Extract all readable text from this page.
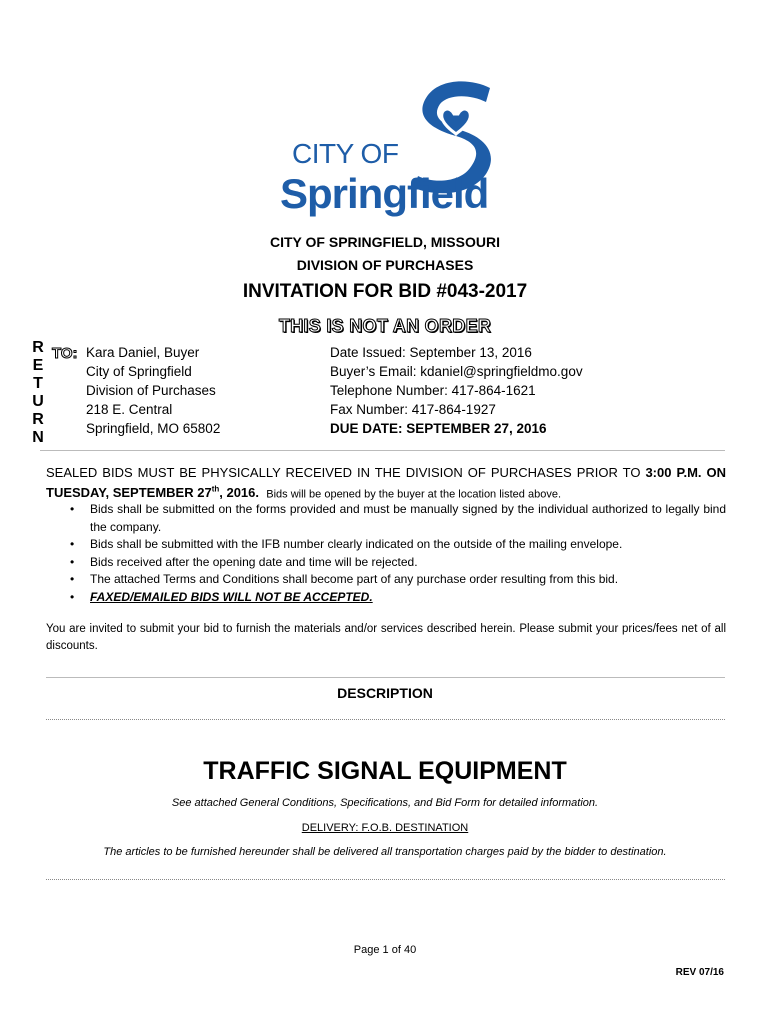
CITY OF
Springfield
CITY OF SPRINGFIELD, MISSOURI
DIVISION OF PURCHASES
INVITATION FOR BID #043-2017
THIS IS NOT AN ORDER
R
E
T
U
R
N
TO: Kara Daniel, Buyer
City of Springfield
Division of Purchases
218 E. Central
Springfield, MO 65802
Date Issued: September 13, 2016
Buyer’s Email: kdaniel@springfieldmo.gov
Telephone Number: 417-864-1621
Fax Number: 417-864-1927
DUE DATE: SEPTEMBER 27, 2016
SEALED BIDS MUST BE PHYSICALLY RECEIVED IN THE DIVISION OF PURCHASES PRIOR TO 3:00 P.M. ON TUESDAY, SEPTEMBER 27th, 2016. Bids will be opened by the buyer at the location listed above.
• Bids shall be submitted on the forms provided and must be manually signed by the individual authorized to legally bind the company.
• Bids shall be submitted with the IFB number clearly indicated on the outside of the mailing envelope.
• Bids received after the opening date and time will be rejected.
• The attached Terms and Conditions shall become part of any purchase order resulting from this bid.
• FAXED/EMAILED BIDS WILL NOT BE ACCEPTED.
You are invited to submit your bid to furnish the materials and/or services described herein. Please submit your prices/fees net of all discounts.
DESCRIPTION
TRAFFIC SIGNAL EQUIPMENT
See attached General Conditions, Specifications, and Bid Form for detailed information.
DELIVERY: F.O.B. DESTINATION
The articles to be furnished hereunder shall be delivered all transportation charges paid by the bidder to destination.
Page 1 of 40
REV 07/16
